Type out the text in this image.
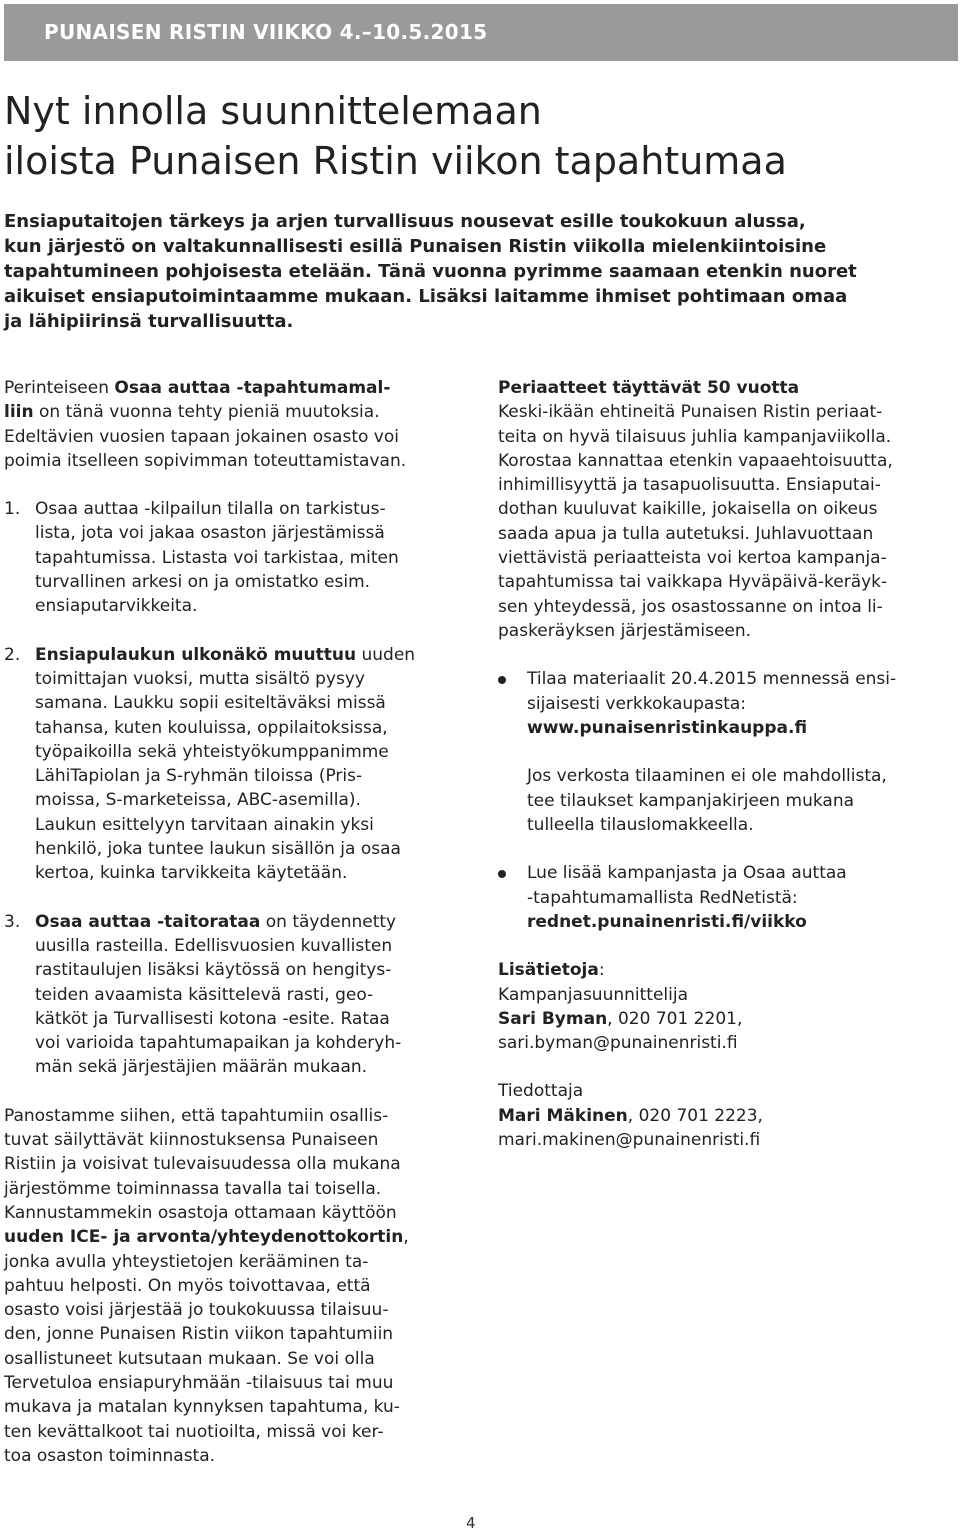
PUNAISEN RISTIN VIIKKO 4.–10.5.2015
Nyt innolla suunnittelemaan
iloista Punaisen Ristin viikon tapahtumaa
Ensiaputaitojen tärkeys ja arjen turvallisuus nousevat esille toukokuun alussa,
kun järjestö on valtakunnallisesti esillä Punaisen Ristin viikolla mielenkiintoisine
tapahtumineen pohjoisesta etelään. Tänä vuonna pyrimme saamaan etenkin nuoret
aikuiset ensiaputoimintaamme mukaan. Lisäksi laitamme ihmiset pohtimaan omaa
ja lähipiirinsä turvallisuutta.
Perinteiseen Osaa auttaa -tapahtumamal-
liin on tänä vuonna tehty pieniä muutoksia.
Edeltävien vuosien tapaan jokainen osasto voi
poimia itselleen sopivimman toteuttamistavan.
1. Osaa auttaa -kilpailun tilalla on tarkistus-
lista, jota voi jakaa osaston järjestämissä
tapahtumissa. Listasta voi tarkistaa, miten
turvallinen arkesi on ja omistatko esim.
ensiaputarvikkeita.
2. Ensiapulaukun ulkonäkö muuttuu uuden
toimittajan vuoksi, mutta sisältö pysyy
samana. Laukku sopii esiteltäväksi missä
tahansa, kuten kouluissa, oppilaitoksissa,
työpaikoilla sekä yhteistyökumppanimme
LähiTapiolan ja S-ryhmän tiloissa (Pris-
moissa, S-marketeissa, ABC-asemilla).
Laukun esittelyyn tarvitaan ainakin yksi
henkilö, joka tuntee laukun sisällön ja osaa
kertoa, kuinka tarvikkeita käytetään.
3. Osaa auttaa -taitorataa on täydennetty
uusilla rasteilla. Edellisvuosien kuvallisten
rastitaulujen lisäksi käytössä on hengitys-
teiden avaamista käsittelevä rasti, geo-
kätköt ja Turvallisesti kotona -esite. Rataa
voi varioida tapahtumapaikan ja kohderyh-
män sekä järjestäjien määrän mukaan.
Panostamme siihen, että tapahtumiin osallis-
tuvat säilyttävät kiinnostuksensa Punaiseen
Ristiin ja voisivat tulevaisuudessa olla mukana
järjestömme toiminnassa tavalla tai toisella.
Kannustammekin osastoja ottamaan käyttöön
uuden ICE- ja arvonta/yhteydenottokortin,
jonka avulla yhteystietojen kerääminen ta-
pahtuu helposti. On myös toivottavaa, että
osasto voisi järjestää jo toukokuussa tilaisuu-
den, jonne Punaisen Ristin viikon tapahtumiin
osallistuneet kutsutaan mukaan. Se voi olla
Tervetuloa ensiapuryhmään -tilaisuus tai muu
mukava ja matalan kynnyksen tapahtuma, ku-
ten kevättalkoot tai nuotioilta, missä voi ker-
toa osaston toiminnasta.
Periaatteet täyttävät 50 vuotta
Keski-ikään ehtineitä Punaisen Ristin periaat-
teita on hyvä tilaisuus juhlia kampanjaviikolla.
Korostaa kannattaa etenkin vapaaehtoisuutta,
inhimillisyyttä ja tasapuolisuutta. Ensiaputai-
dothan kuuluvat kaikille, jokaisella on oikeus
saada apua ja tulla autetuksi. Juhlavuottaan
viettävistä periaatteista voi kertoa kampanja-
tapahtumissa tai vaikkapa Hyväpäivä-keräyk-
sen yhteydessä, jos osastossanne on intoa li-
paskeräyksen järjestämiseen.
Tilaa materiaalit 20.4.2015 mennessä ensi-
sijaisesti verkkokaupasta:
www.punaisenristinkauppa.fi
Jos verkosta tilaaminen ei ole mahdollista,
tee tilaukset kampanjakirjeen mukana
tulleella tilauslomakkeella.
Lue lisää kampanjasta ja Osaa auttaa
-tapahtumamallista RedNetistä:
rednet.punainenristi.fi/viikko
Lisätietoja:
Kampanjasuunnittelija
Sari Byman, 020 701 2201,
sari.byman@punainenristi.fi
Tiedottaja
Mari Mäkinen, 020 701 2223,
mari.makinen@punainenristi.fi
4
